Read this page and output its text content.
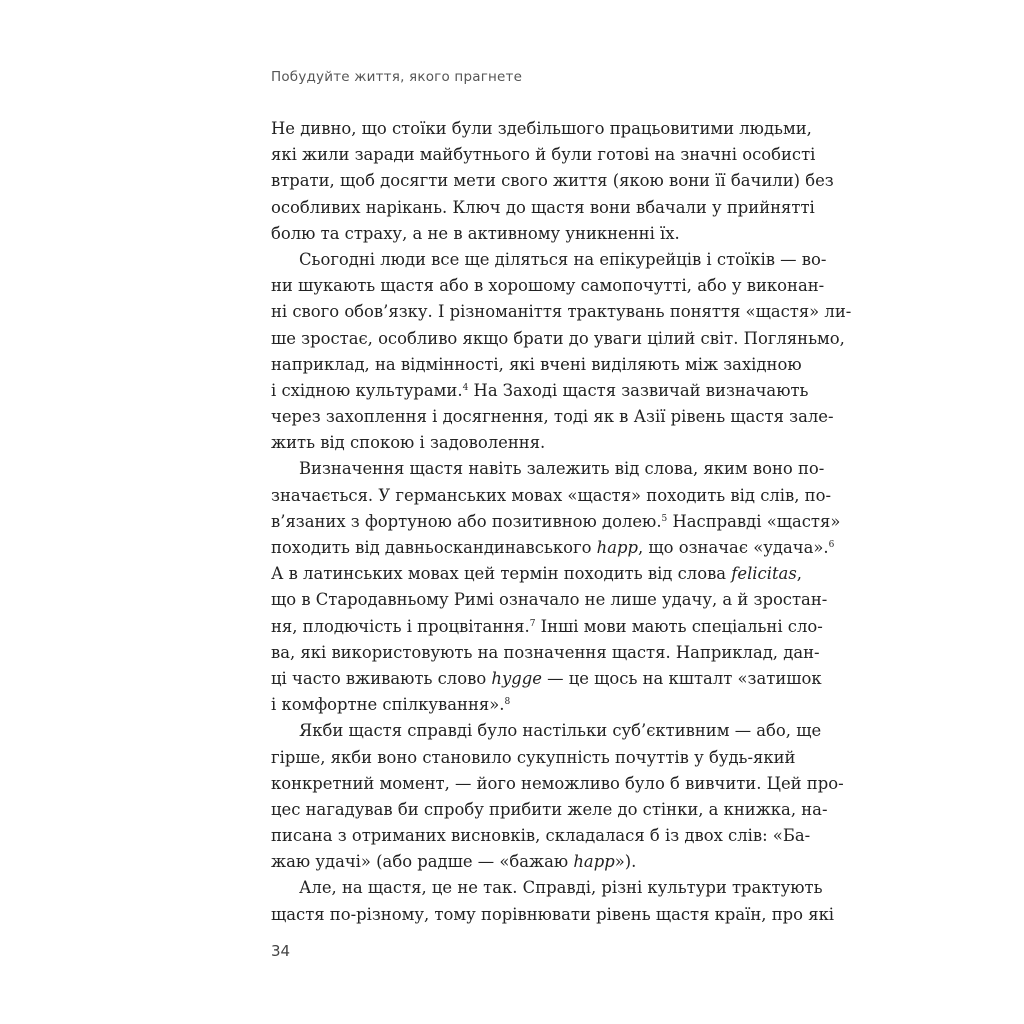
Побудуйте життя, якого прагнете
Не дивно, що стоїки були здебільшого працьовитими людьми,
які жили заради майбутнього й були готові на значні особисті
втрати, щоб досягти мети свого життя (якою вони її бачили) без
особливих нарікань. Ключ до щастя вони вбачали у прийнятті
болю та страху, а не в активному уникненні їх.
Сьогодні люди все ще діляться на епікурейців і стоїків — во-
ни шукають щастя або в хорошому самопочутті, або у виконан-
ні свого обов’язку. І різноманіття трактувань поняття «щастя» ли-
ше зростає, особливо якщо брати до уваги цілий світ. Погляньмо,
наприклад, на відмінності, які вчені виділяють між західною
і східною культурами.$^4$ На Заході щастя зазвичай визначають
через захоплення і досягнення, тоді як в Азії рівень щастя зале-
жить від спокою і задоволення.
Визначення щастя навіть залежить від слова, яким воно по-
значається. У германських мовах «щастя» походить від слів, по-
в’язаних з фортуною або позитивною долею.$^5$ Насправді «щастя»
походить від давньоскандинавського happ, що означає «удача».$^6$
А в латинських мовах цей термін походить від слова felicitas,
що в Стародавньому Римі означало не лише удачу, а й зростан-
ня, плодючість і процвітання.$^7$ Інші мови мають спеціальні сло-
ва, які використовують на позначення щастя. Наприклад, дан-
ці часто вживають слово hygge — це щось на кшталт «затишок
і комфортне спілкування».$^8$
Якби щастя справді було настільки суб’єктивним — або, ще
гірше, якби воно становило сукупність почуттів у будь-який
конкретний момент, — його неможливо було б вивчити. Цей про-
цес нагадував би спробу прибити желе до стінки, а книжка, на-
писана з отриманих висновків, складалася б із двох слів: «Ба-
жаю удачі» (або радше — «бажаю happ»).
Але, на щастя, це не так. Справді, різні культури трактують
щастя по-різному, тому порівнювати рівень щастя країн, про які
34
